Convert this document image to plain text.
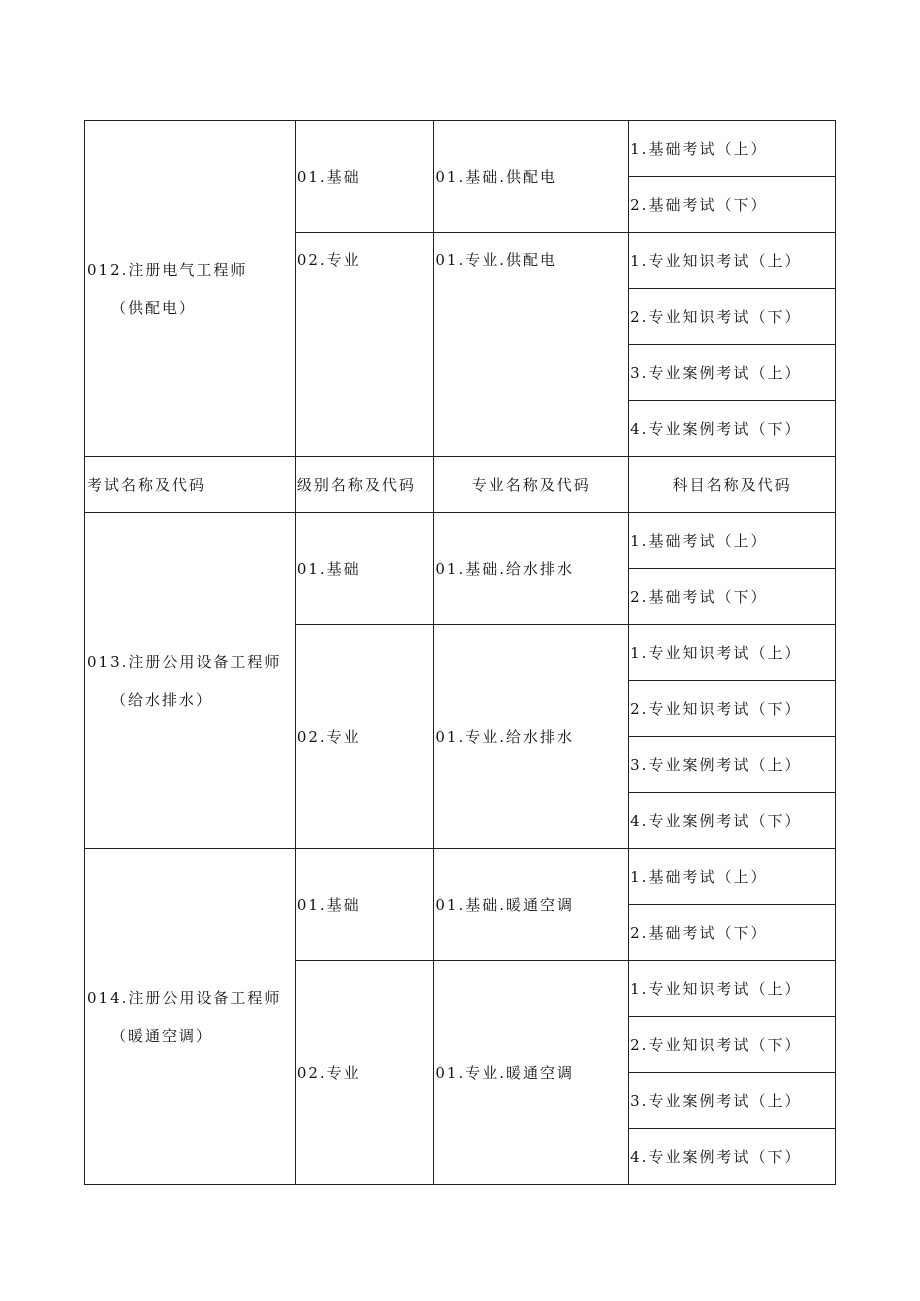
012.注册电气工程师
（供配电）	01.基础	01.基础.供配电	1.基础考试（上）
			2.基础考试（下）
	02.专业	01.专业.供配电	1.专业知识考试（上）
			2.专业知识考试（下）
			3.专业案例考试（上）
			4.专业案例考试（下）
考试名称及代码	级别名称及代码	专业名称及代码	科目名称及代码

013.注册公用设备工程师
（给水排水）	01.基础	01.基础.给水排水	1.基础考试（上）
			2.基础考试（下）
	02.专业	01.专业.给水排水	1.专业知识考试（上）
			2.专业知识考试（下）
			3.专业案例考试（上）
			4.专业案例考试（下）

014.注册公用设备工程师
（暖通空调）	01.基础	01.基础.暖通空调	1.基础考试（上）
			2.基础考试（下）
	02.专业	01.专业.暖通空调	1.专业知识考试（上）
			2.专业知识考试（下）
			3.专业案例考试（上）
			4.专业案例考试（下）
